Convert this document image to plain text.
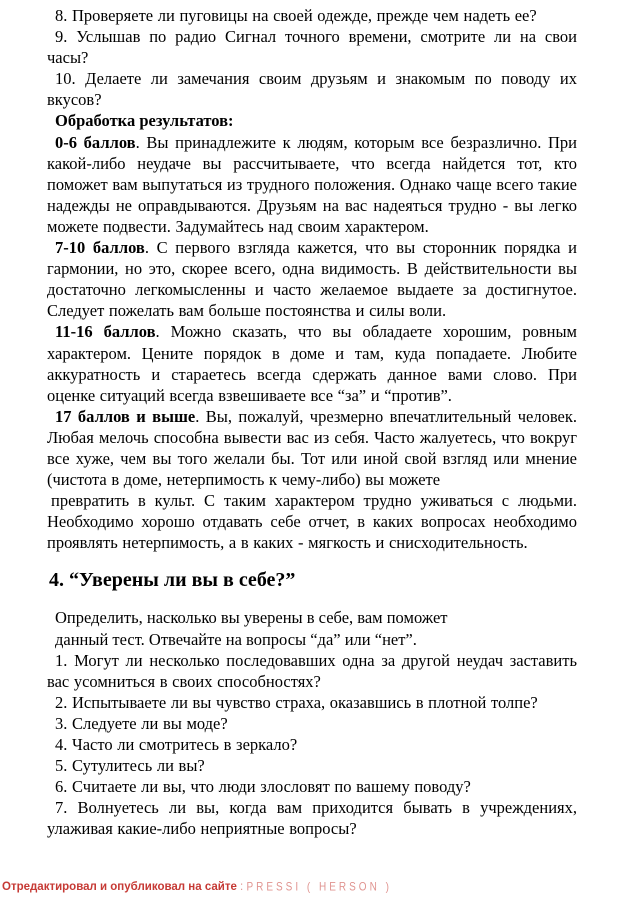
8. Проверяете ли пуговицы на своей одежде, прежде чем надеть ее?

9. Услышав по радио Сигнал точного времени, смотрите ли на свои часы?

10. Делаете ли замечания своим друзьям и знакомым по поводу их вкусов?

Обработка результатов:

0-6 баллов. Вы принадлежите к людям, которым все безразлично. При какой-либо неудаче вы рассчитываете, что всегда найдется тот, кто поможет вам выпутаться из трудного положения. Однако чаще всего такие надежды не оправдываются. Друзьям на вас надеяться трудно - вы легко можете подвести. Задумайтесь над своим характером.

7-10 баллов. С первого взгляда кажется, что вы сторонник порядка и гармонии, но это, скорее всего, одна видимость. В действительности вы достаточно легкомысленны и часто желаемое выдаете за достигнутое. Следует пожелать вам больше постоянства и силы воли.

11-16 баллов. Можно сказать, что вы обладаете хорошим, ровным характером. Цените порядок в доме и там, куда попадаете. Любите аккуратность и стараетесь всегда сдержать данное вами слово. При оценке ситуаций всегда взвешиваете все “за” и “против”.

17 баллов и выше. Вы, пожалуй, чрезмерно впечатлительный человек. Любая мелочь способна вывести вас из себя. Часто жалуетесь, что вокруг все хуже, чем вы того желали бы. Тот или иной свой взгляд или мнение (чистота в доме, нетерпимость к чему-либо) вы можете

превратить в культ. С таким характером трудно уживаться с людьми. Необходимо хорошо отдавать себе отчет, в каких вопросах необходимо проявлять нетерпимость, а в каких - мягкость и снисходительность.

4. “Уверены ли вы в себе?”

Определить, насколько вы уверены в себе, вам поможет

данный тест. Отвечайте на вопросы “да” или “нет”.

1. Могут ли несколько последовавших одна за другой неудач заставить вас усомниться в своих способностях?

2. Испытываете ли вы чувство страха, оказавшись в плотной толпе?

3. Следуете ли вы моде?

4. Часто ли смотритесь в зеркало?

5. Сутулитесь ли вы?

6. Считаете ли вы, что люди злословят по вашему поводу?

7. Волнуетесь ли вы, когда вам приходится бывать в учреждениях, улаживая какие-либо неприятные вопросы?

Отредактировал и опубликовал на сайте : PRESSI ( HERSON )
